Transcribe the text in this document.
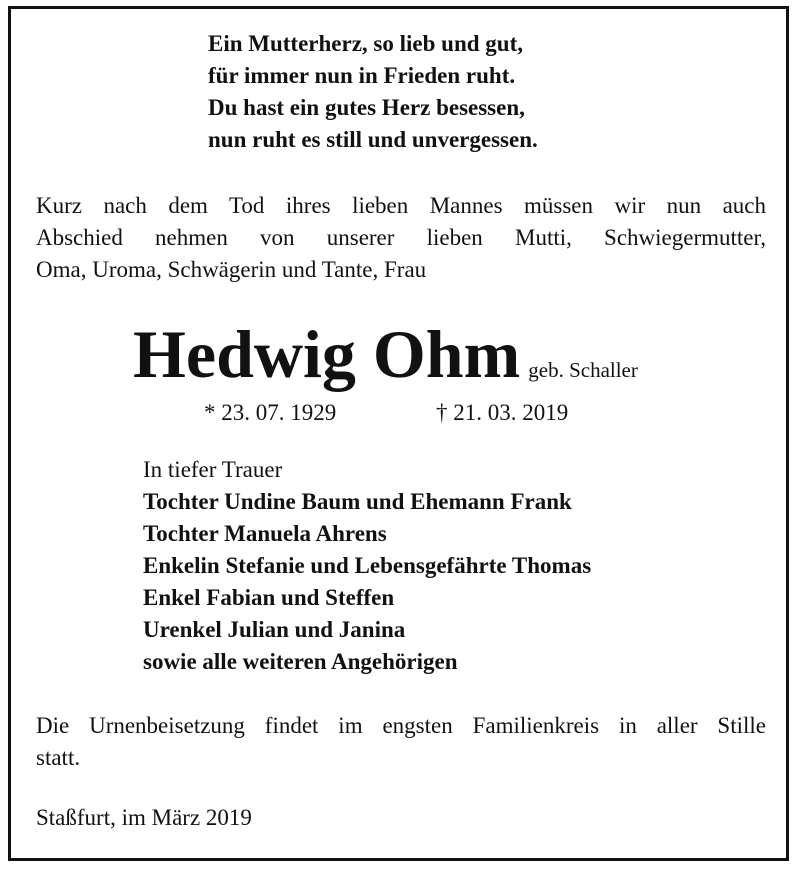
Ein Mutterherz, so lieb und gut,
für immer nun in Frieden ruht.
Du hast ein gutes Herz besessen,
nun ruht es still und unvergessen.
Kurz nach dem Tod ihres lieben Mannes müssen wir nun auch
Abschied nehmen von unserer lieben Mutti, Schwiegermutter,
Oma, Uroma, Schwägerin und Tante, Frau
Hedwig Ohm geb. Schaller
* 23. 07. 1929	† 21. 03. 2019
In tiefer Trauer
Tochter Undine Baum und Ehemann Frank
Tochter Manuela Ahrens
Enkelin Stefanie und Lebensgefährte Thomas
Enkel Fabian und Steffen
Urenkel Julian und Janina
sowie alle weiteren Angehörigen
Die Urnenbeisetzung findet im engsten Familienkreis in aller Stille
statt.
Staßfurt, im März 2019
